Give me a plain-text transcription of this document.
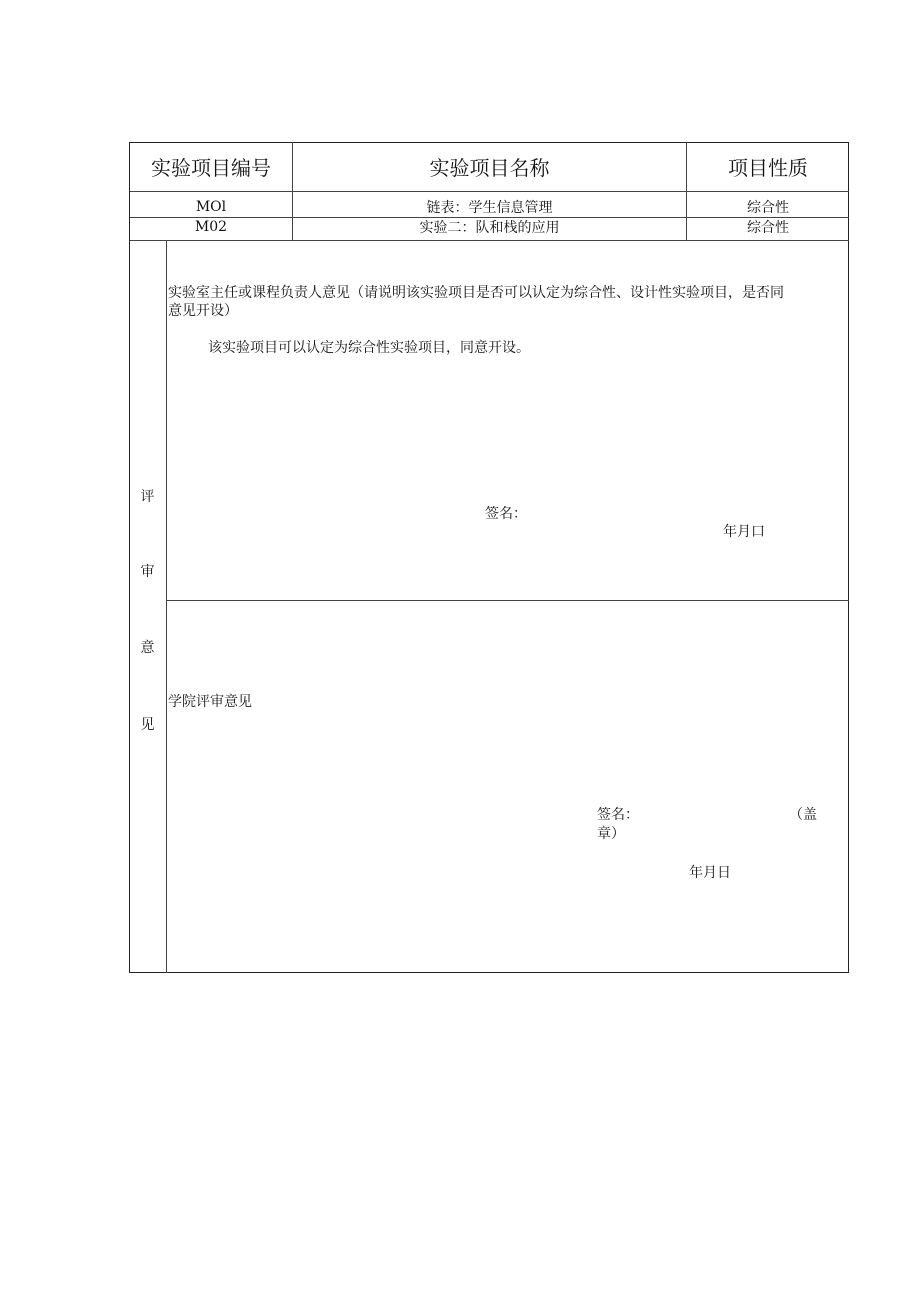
实验项目编号	实验项目名称	项目性质
MOl	链表：学生信息管理	综合性
M02	实验二：队和栈的应用	综合性
评
审
意
见
实验室主任或课程负责人意见（请说明该实验项目是否可以认定为综合性、设计性实验项目，是否同
意见开设）
该实验项目可以认定为综合性实验项目，同意开设。
签名：
年月口
学院评审意见
签名：	（盖
章）
年月日
